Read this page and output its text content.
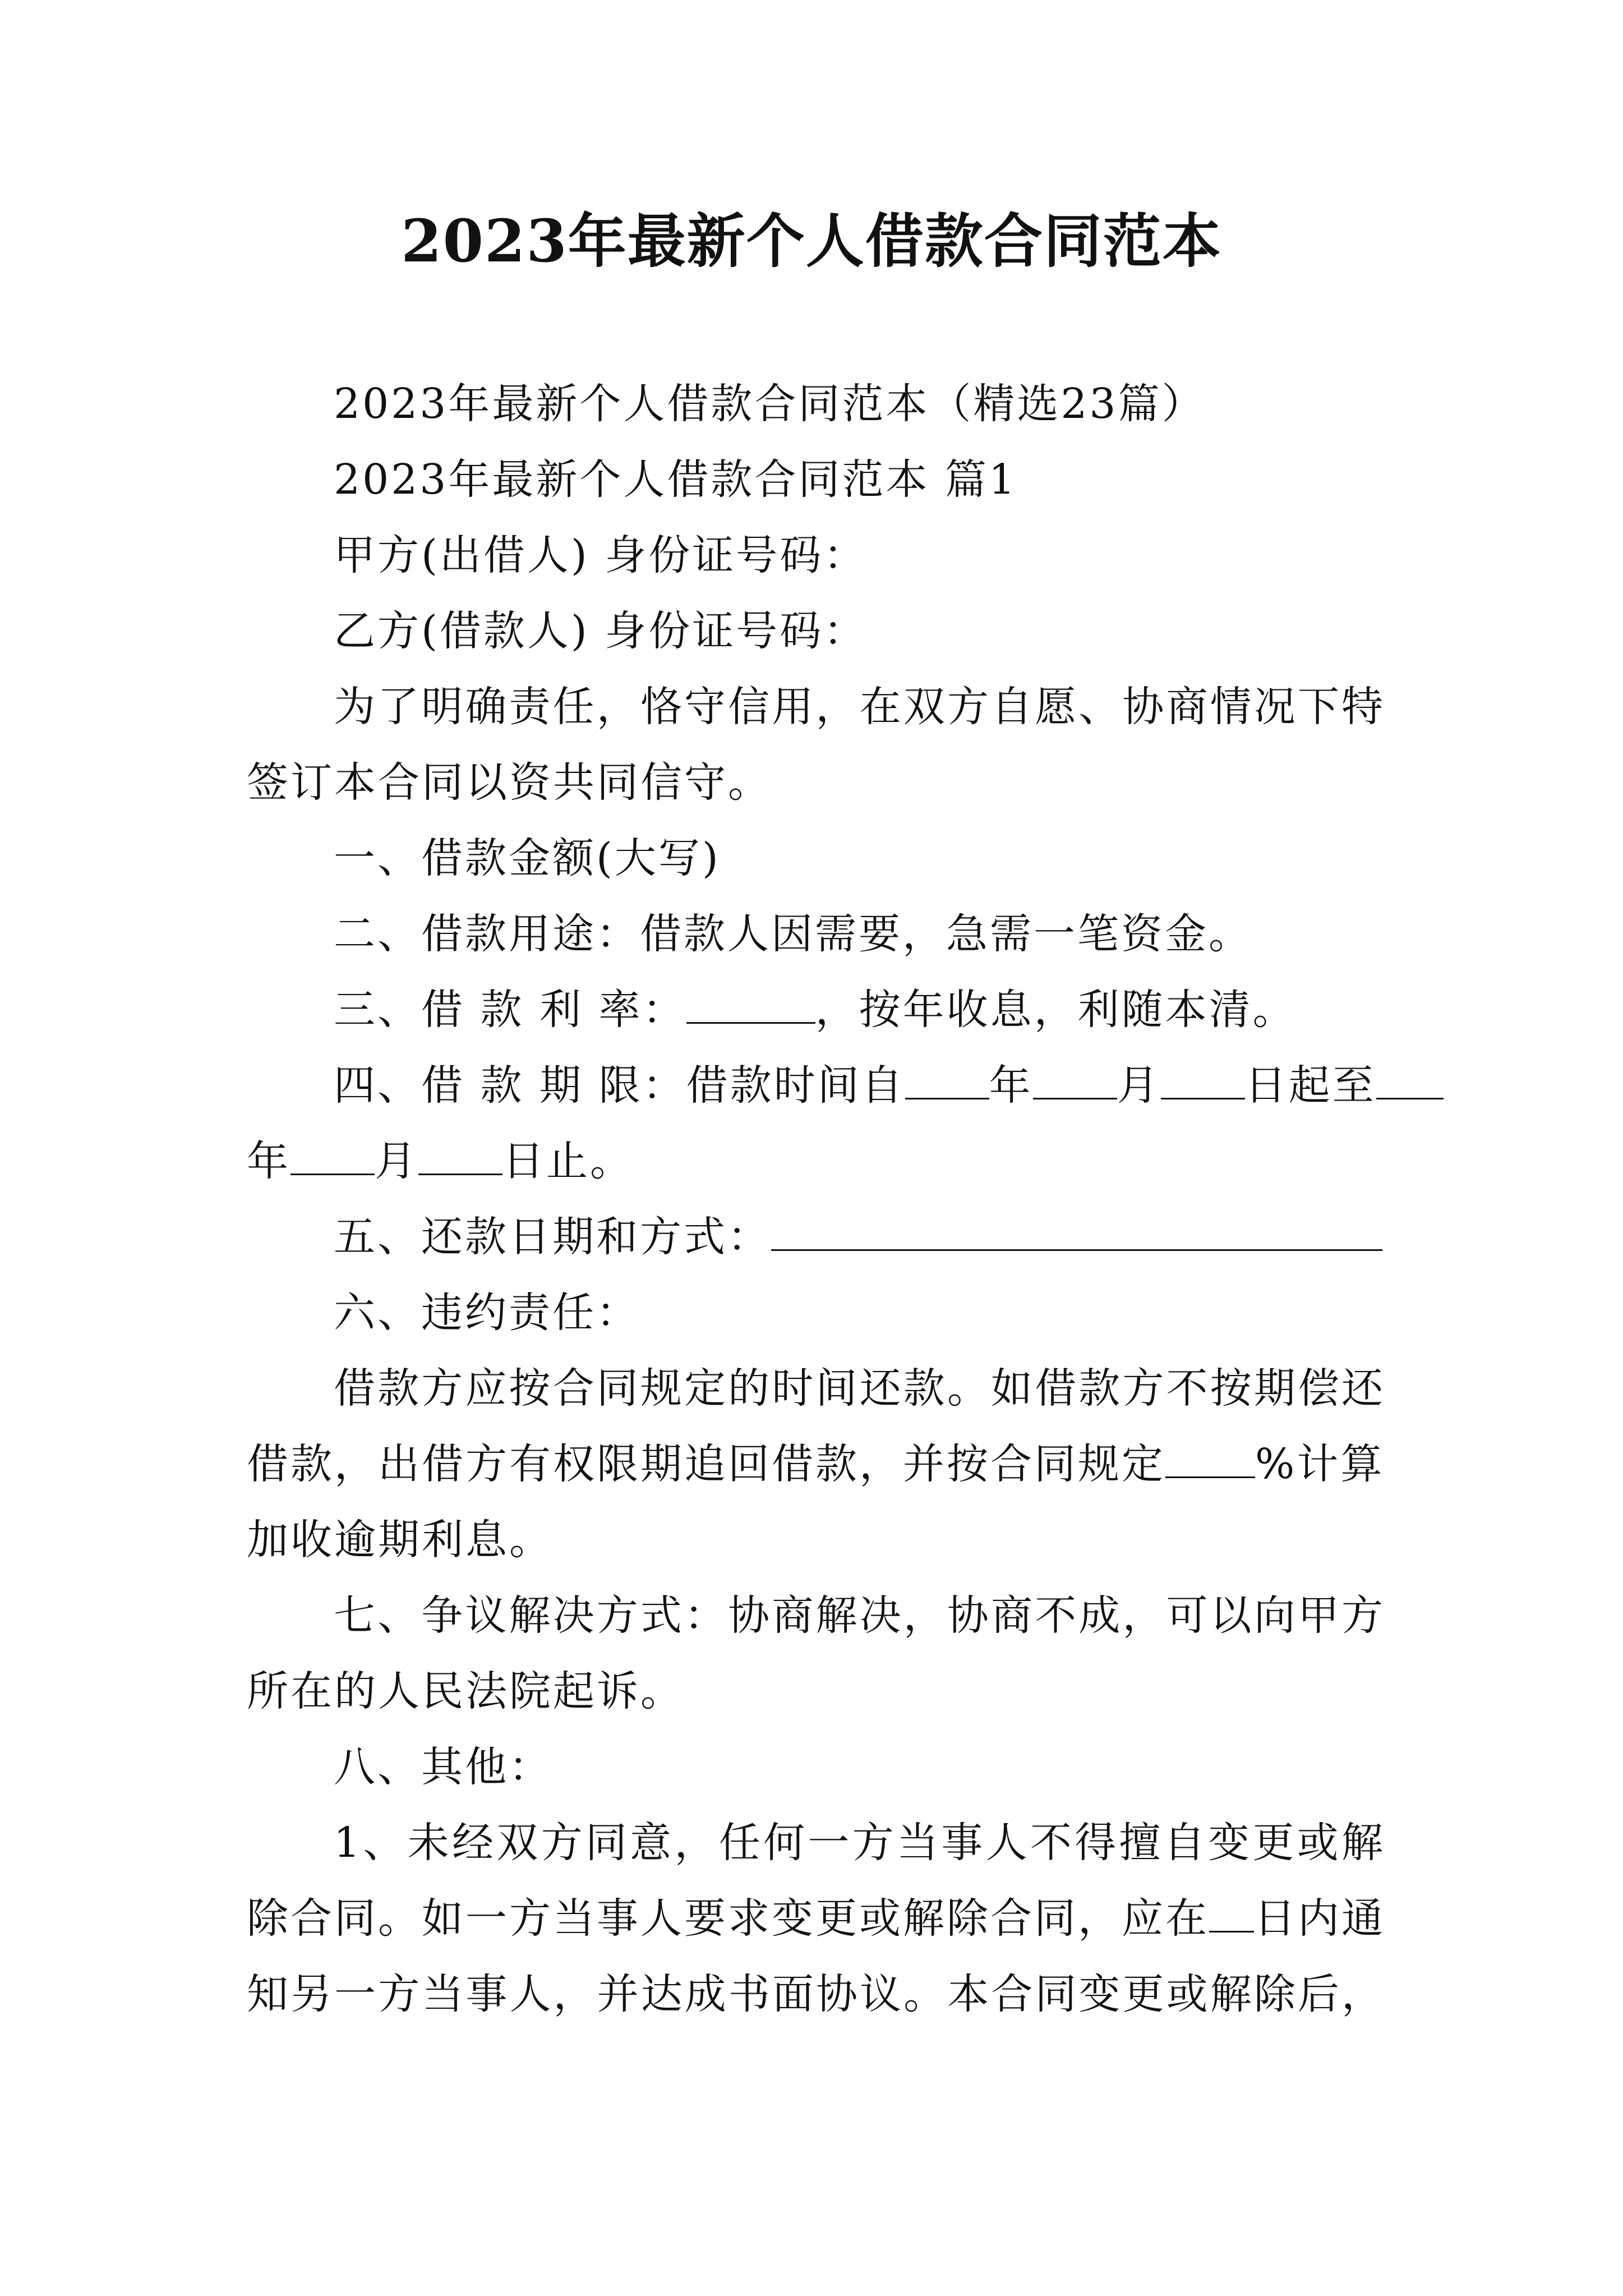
2023年最新个人借款合同范本
2023年最新个人借款合同范本（精选23篇）
2023年最新个人借款合同范本 篇1
甲方(出借人) 身份证号码：
乙方(借款人) 身份证号码：
为了明确责任，恪守信用，在双方自愿、协商情况下特
签订本合同以资共同信守。
一、借款金额(大写)
二、借款用途：借款人因需要，急需一笔资金。
三、借 款 利 率：	，按年收息，利随本清。
四、借 款 期 限：借款时间自 年 月 日起至
年 月 日止。
五、还款日期和方式：
六、违约责任：
借款方应按合同规定的时间还款。如借款方不按期偿还
借款，出借方有权限期追回借款，并按合同规定 %计算
加收逾期利息。
七、争议解决方式：协商解决，协商不成，可以向甲方
所在的人民法院起诉。
八、其他：
1、未经双方同意，任何一方当事人不得擅自变更或解
除合同。如一方当事人要求变更或解除合同，应在 日内通
知另一方当事人，并达成书面协议。本合同变更或解除后，
